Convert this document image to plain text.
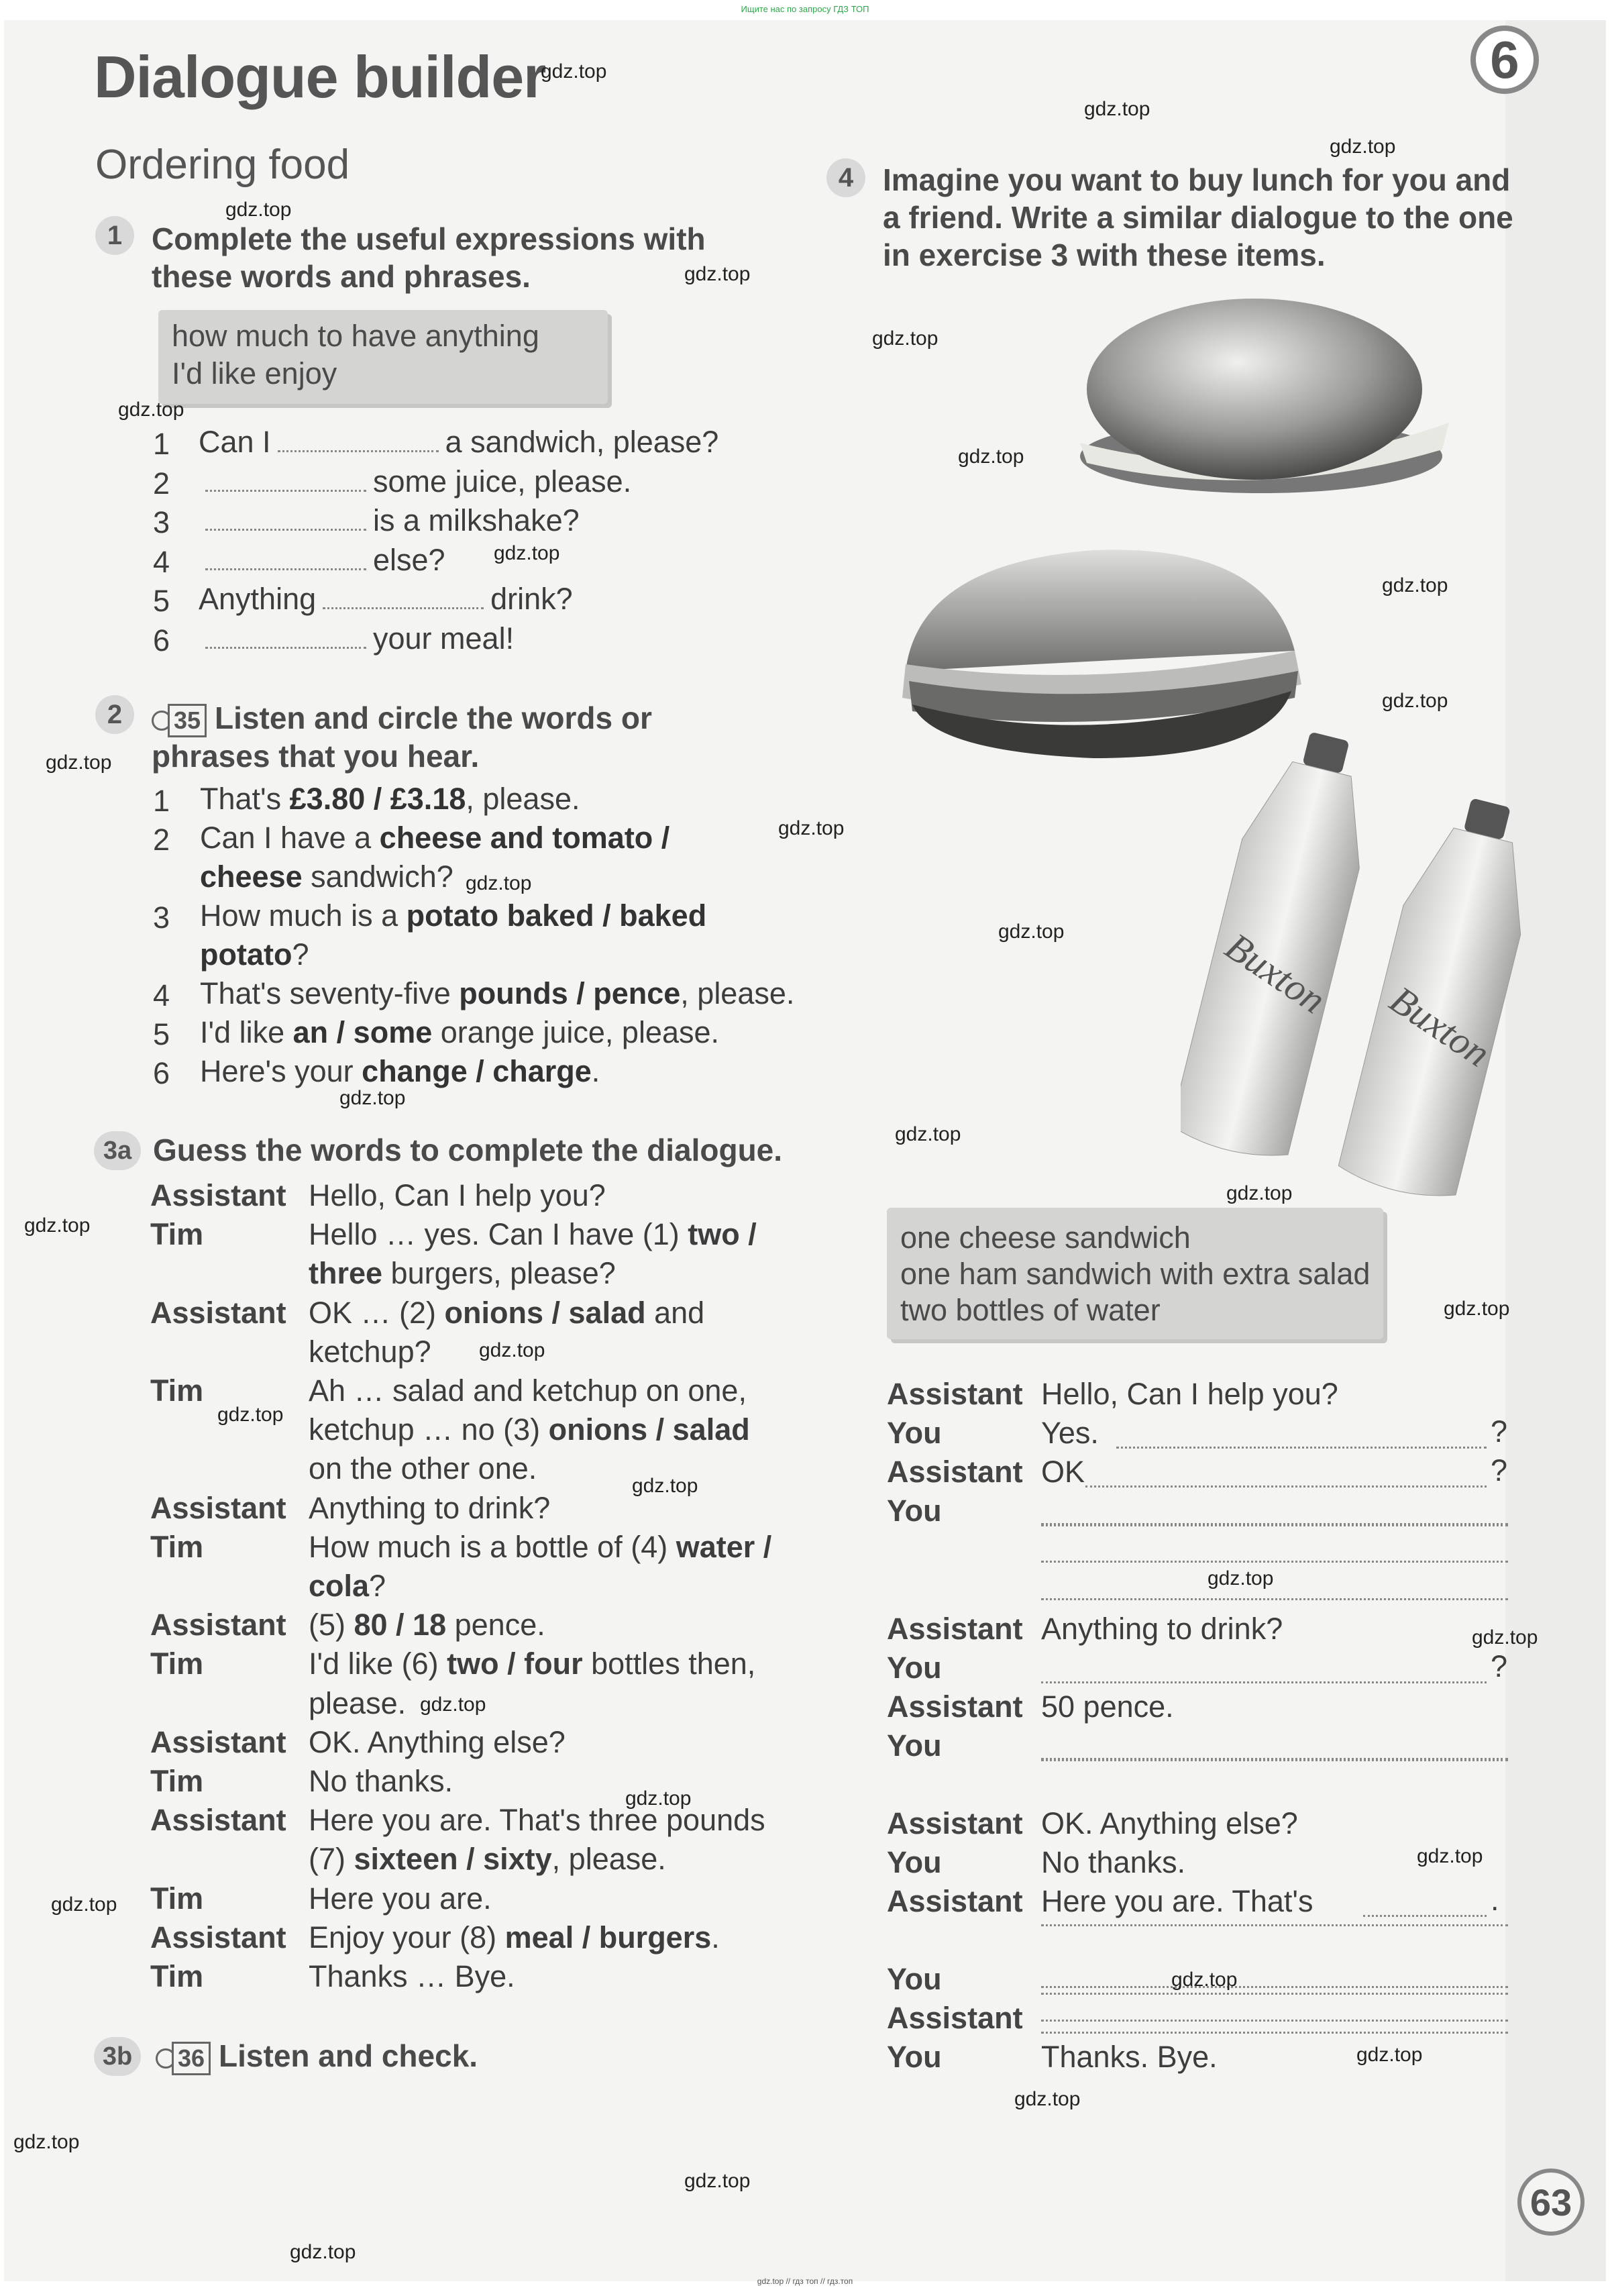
Ищите нас по запросу ГДЗ ТОП
Dialogue builder	6
Ordering food
1 Complete the useful expressions with
these words and phrases.
how much to have anything
I'd like enjoy
1 Can I	a sandwich, please?
2	some juice, please.
3	is a milkshake?
4	else?
5 Anything	drink?
6	your meal!
2	35 Listen and circle the words or
phrases that you hear.
1 That's £3.80 / £3.18, please.
2 Can I have a cheese and tomato /
cheese sandwich?
3 How much is a potato baked / baked
potato?
4 That's seventy-five pounds / pence, please.
5 I'd like an / some orange juice, please.
6 Here's your change / charge.
3a Guess the words to complete the dialogue.
Assistant Hello, Can I help you?
Tim	Hello … yes. Can I have (1) two /
three burgers, please?
Assistant OK … (2) onions / salad and
ketchup?
Tim	Ah … salad and ketchup on one,
ketchup … no (3) onions / salad
on the other one.
Assistant Anything to drink?
Tim	How much is a bottle of (4) water /
cola?
Assistant (5) 80 / 18 pence.
Tim	I'd like (6) two / four bottles then,
please.
Assistant OK. Anything else?
Tim	No thanks.
Assistant Here you are. That's three pounds
(7) sixteen / sixty, please.
Tim	Here you are.
Assistant Enjoy your (8) meal / burgers.
Tim	Thanks … Bye.
3b	36 Listen and check.
4 Imagine you want to buy lunch for you and
a friend. Write a similar dialogue to the one
in exercise 3 with these items.
Buxton
Buxton
one cheese sandwich
one ham sandwich with extra salad
two bottles of water
Assistant Hello, Can I help you?
You	Yes.	?
Assistant OK	?
You
Assistant Anything to drink?
You	?
Assistant 50 pence.
You
Assistant OK. Anything else?
You	No thanks.
Assistant Here you are. That's	.
You
Assistant
You	Thanks. Bye.
63
gdz.top
gdz.top
gdz.top
gdz.top
gdz.top
gdz.top
gdz.top
gdz.top
gdz.top
gdz.top
gdz.top
gdz.top
gdz.top
gdz.top
gdz.top
gdz.top
gdz.top
gdz.top
gdz.top
gdz.top
gdz.top
gdz.top
gdz.top
gdz.top
gdz.top
gdz.top
gdz.top
gdz.top
gdz.top
gdz.top
gdz.top
gdz.top
gdz.top
gdz.top
gdz.top
gdz.top // гдз топ // гдз.топ
